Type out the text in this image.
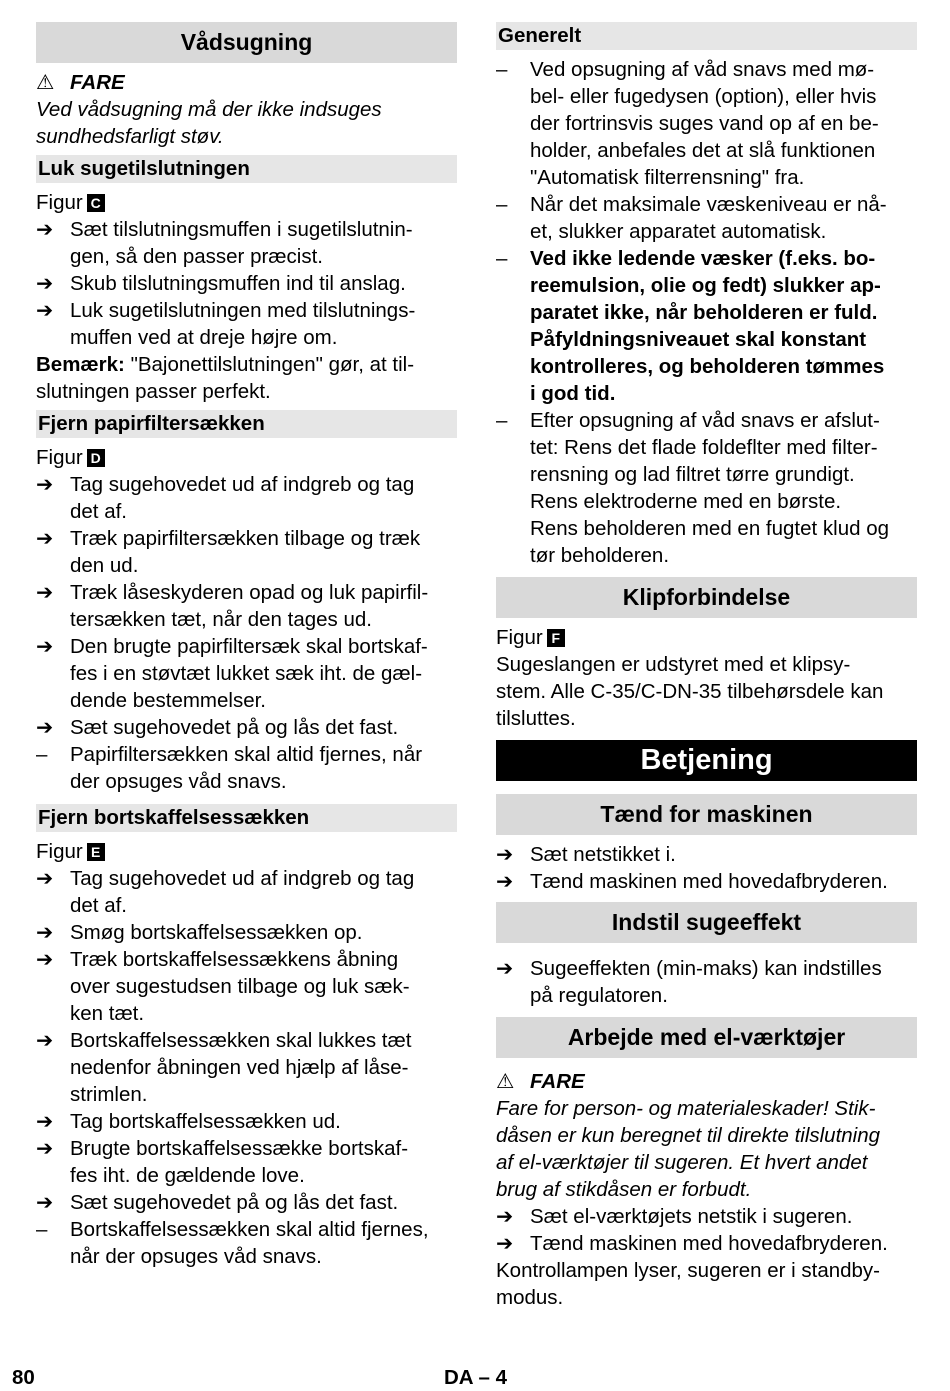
Vådsugning
⚠ FARE

Ved vådsugning må der ikke indsuges

sundhedsfarligt støv.

Luk sugetilslutningen

Figur C

➔ Sæt tilslutningsmuffen i sugetilslutnin-
gen, så den passer præcist.
➔ Skub tilslutningsmuffen ind til anslag.
➔ Luk sugetilslutningen med tilslutnings-
muffen ved at dreje højre om.

Bemærk: "Bajonettilslutningen" gør, at til-

slutningen passer perfekt.

Fjern papirfiltersækken

Figur D

➔ Tag sugehovedet ud af indgreb og tag
det af.
➔ Træk papirfiltersækken tilbage og træk
den ud.
➔ Træk låseskyderen opad og luk papirfil-
tersækken tæt, når den tages ud.
➔ Den brugte papirfiltersæk skal bortskaf-
fes i en støvtæt lukket sæk iht. de gæl-
dende bestemmelser.
➔ Sæt sugehovedet på og lås det fast.
–	Papirfiltersækken skal altid fjernes, når
der opsuges våd snavs.
Fjern bortskaffelsessækken

Figur E

➔ Tag sugehovedet ud af indgreb og tag
det af.
➔ Smøg bortskaffelsessækken op.
➔ Træk bortskaffelsessækkens åbning
over sugestudsen tilbage og luk sæk-
ken tæt.
➔ Bortskaffelsessækken skal lukkes tæt
nedenfor åbningen ved hjælp af låse-
strimlen.
➔ Tag bortskaffelsessækken ud.
➔ Brugte bortskaffelsessække bortskaf-
fes iht. de gældende love.
➔ Sæt sugehovedet på og lås det fast.
–	Bortskaffelsessækken skal altid fjernes,
når der opsuges våd snavs.
Generelt
–	Ved opsugning af våd snavs med mø-
bel- eller fugedysen (option), eller hvis
der fortrinsvis suges vand op af en be-
holder, anbefales det at slå funktionen
"Automatisk filterrensning" fra.
–	Når det maksimale væskeniveau er nå-
et, slukker apparatet automatisk.
–	Ved ikke ledende væsker (f.eks. bo-
reemulsion, olie og fedt) slukker ap-
paratet ikke, når beholderen er fuld.
Påfyldningsniveauet skal konstant
kontrolleres, og beholderen tømmes
i god tid.
–	Efter opsugning af våd snavs er afslut-
tet: Rens det flade foldeflter med filter-
rensning og lad filtret tørre grundigt.
Rens elektroderne med en børste.
Rens beholderen med en fugtet klud og
tør beholderen.
Klipforbindelse

Figur F

Sugeslangen er udstyret med et klipsy-

stem. Alle C-35/C-DN-35 tilbehørsdele kan

tilsluttes.

Betjening
Tænd for maskinen
➔ Sæt netstikket i.
➔ Tænd maskinen med hovedafbryderen.
Indstil sugeeffekt
➔ Sugeeffekten (min-maks) kan indstilles
på regulatoren.
Arbejde med el-værktøjer
⚠ FARE

Fare for person- og materialeskader! Stik-

dåsen er kun beregnet til direkte tilslutning

af el-værktøjer til sugeren. Et hvert andet

brug af stikdåsen er forbudt.

➔ Sæt el-værktøjets netstik i sugeren.
➔ Tænd maskinen med hovedafbryderen.

Kontrollampen lyser, sugeren er i standby-

modus.

80	DA – 4
